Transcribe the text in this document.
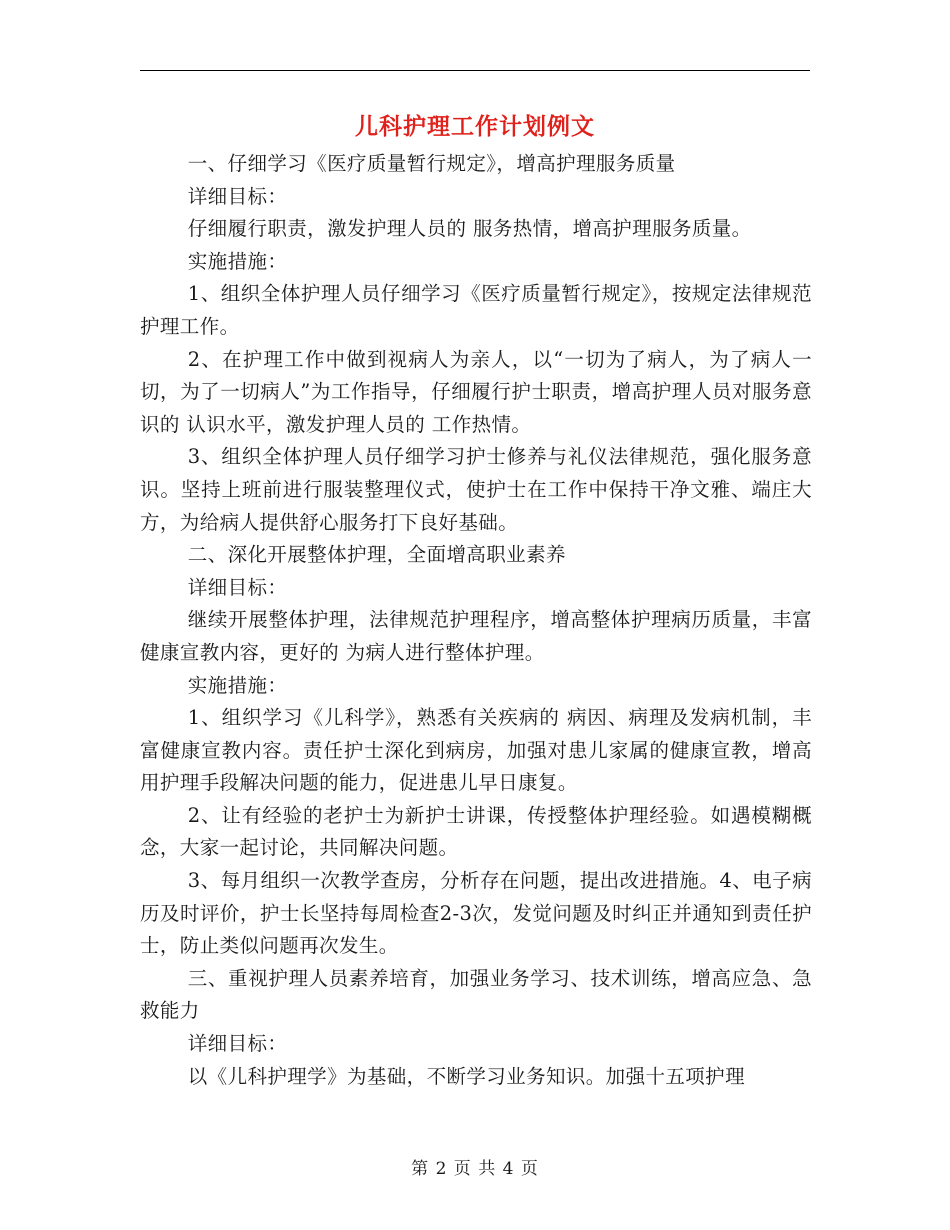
儿科护理工作计划例文

一、仔细学习《医疗质量暂行规定》，增高护理服务质量

详细目标：

仔细履行职责，激发护理人员的 服务热情，增高护理服务质量。

实施措施：

1、组织全体护理人员仔细学习《医疗质量暂行规定》，按规定法律规范护理工作。

2、在护理工作中做到视病人为亲人，以“一切为了病人，为了病人一切，为了一切病人”为工作指导，仔细履行护士职责，增高护理人员对服务意识的 认识水平，激发护理人员的 工作热情。

3、组织全体护理人员仔细学习护士修养与礼仪法律规范，强化服务意识。坚持上班前进行服装整理仪式，使护士在工作中保持干净文雅、端庄大方，为给病人提供舒心服务打下良好基础。

二、深化开展整体护理，全面增高职业素养

详细目标：

继续开展整体护理，法律规范护理程序，增高整体护理病历质量，丰富健康宣教内容，更好的 为病人进行整体护理。

实施措施：

1、组织学习《儿科学》，熟悉有关疾病的 病因、病理及发病机制，丰富健康宣教内容。责任护士深化到病房，加强对患儿家属的健康宣教，增高用护理手段解决问题的能力，促进患儿早日康复。

2、让有经验的老护士为新护士讲课，传授整体护理经验。如遇模糊概念，大家一起讨论，共同解决问题。

3、每月组织一次教学查房，分析存在问题，提出改进措施。4、电子病历及时评价，护士长坚持每周检查2-3次，发觉问题及时纠正并通知到责任护士，防止类似问题再次发生。

三、重视护理人员素养培育，加强业务学习、技术训练，增高应急、急救能力

详细目标：

以《儿科护理学》为基础，不断学习业务知识。加强十五项护理

第 2 页 共 4 页
